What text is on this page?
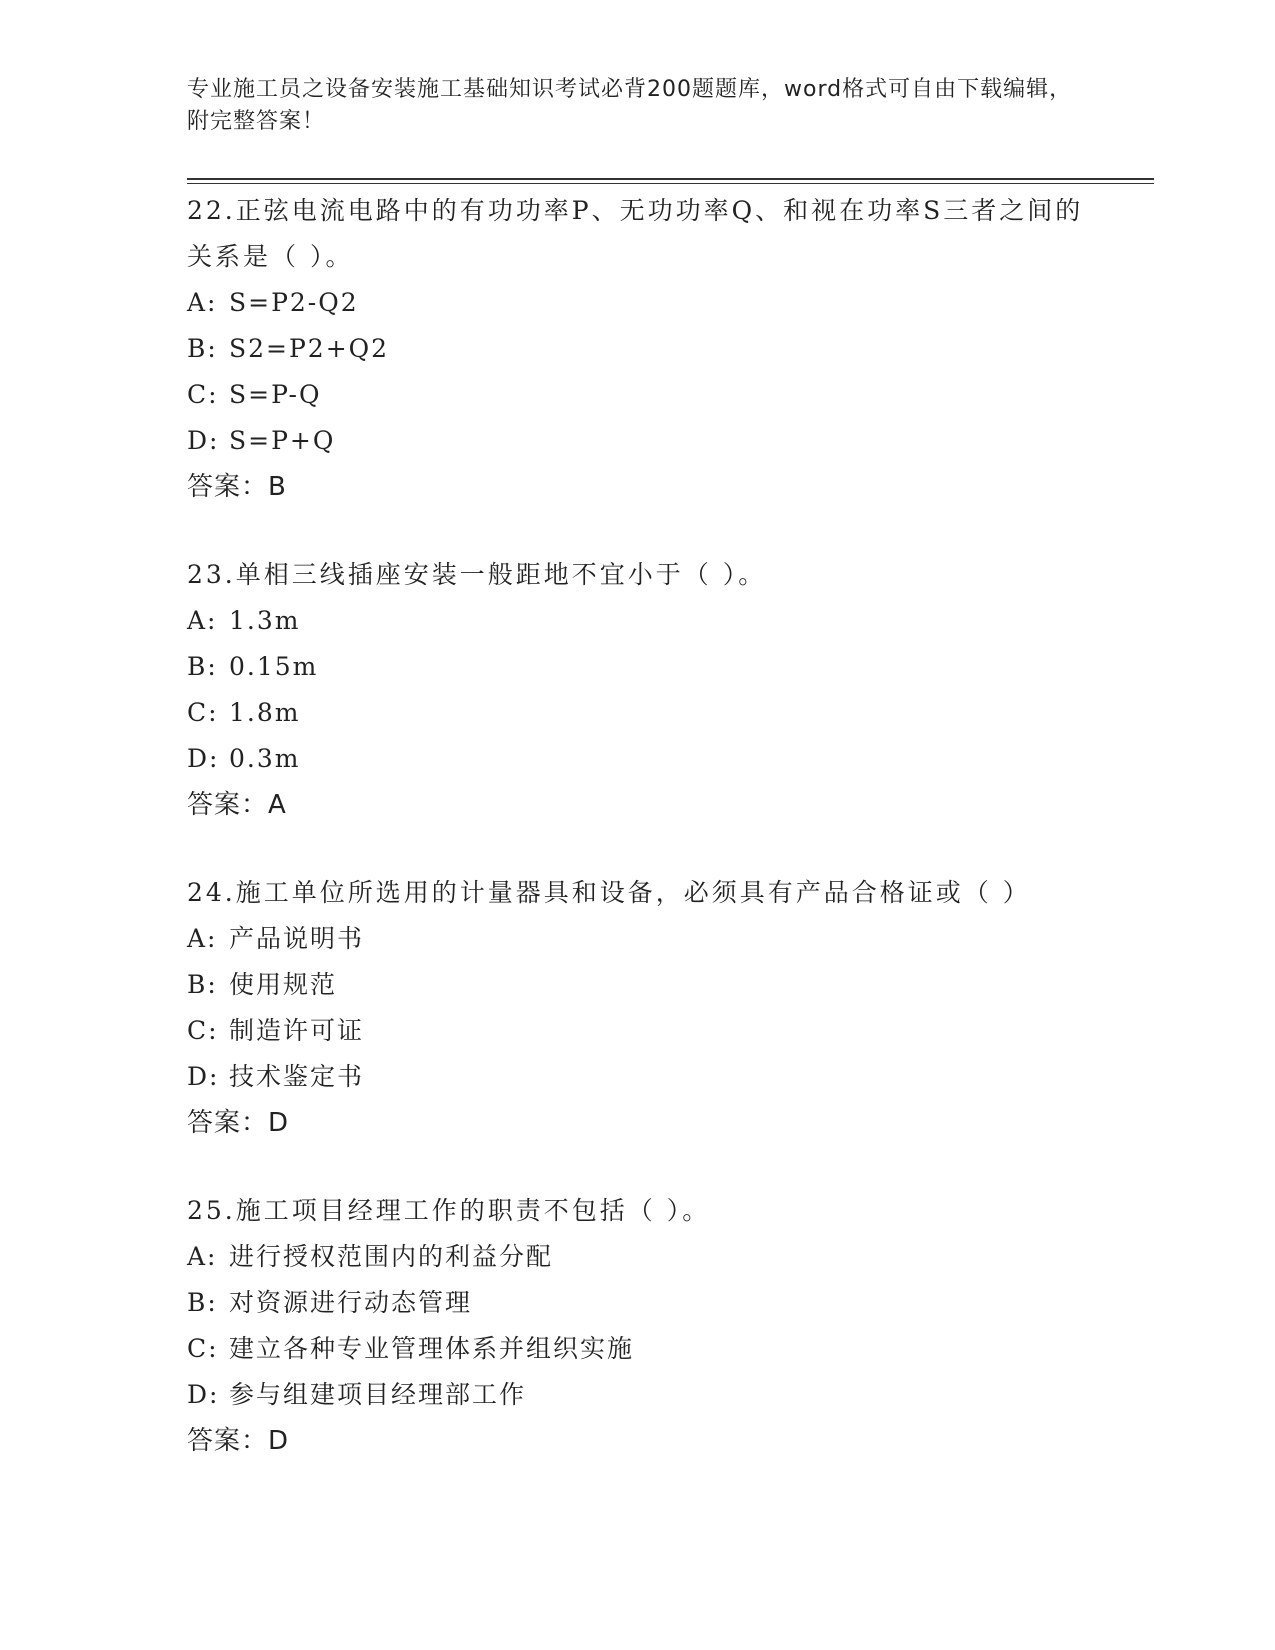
专业施工员之设备安装施工基础知识考试必背200题题库，word格式可自由下载编辑，附完整答案！

22.正弦电流电路中的有功功率P、无功功率Q、和视在功率S三者之间的关系是（ ）。

A: S=P2-Q2

B: S2=P2+Q2

C: S=P-Q

D: S=P+Q

答案：B

23.单相三线插座安装一般距地不宜小于（ ）。

A: 1.3m

B: 0.15m

C: 1.8m

D: 0.3m

答案：A

24.施工单位所选用的计量器具和设备，必须具有产品合格证或（ ）

A: 产品说明书

B: 使用规范

C: 制造许可证

D: 技术鉴定书

答案：D

25.施工项目经理工作的职责不包括（ ）。

A: 进行授权范围内的利益分配

B: 对资源进行动态管理

C: 建立各种专业管理体系并组织实施

D: 参与组建项目经理部工作

答案：D
